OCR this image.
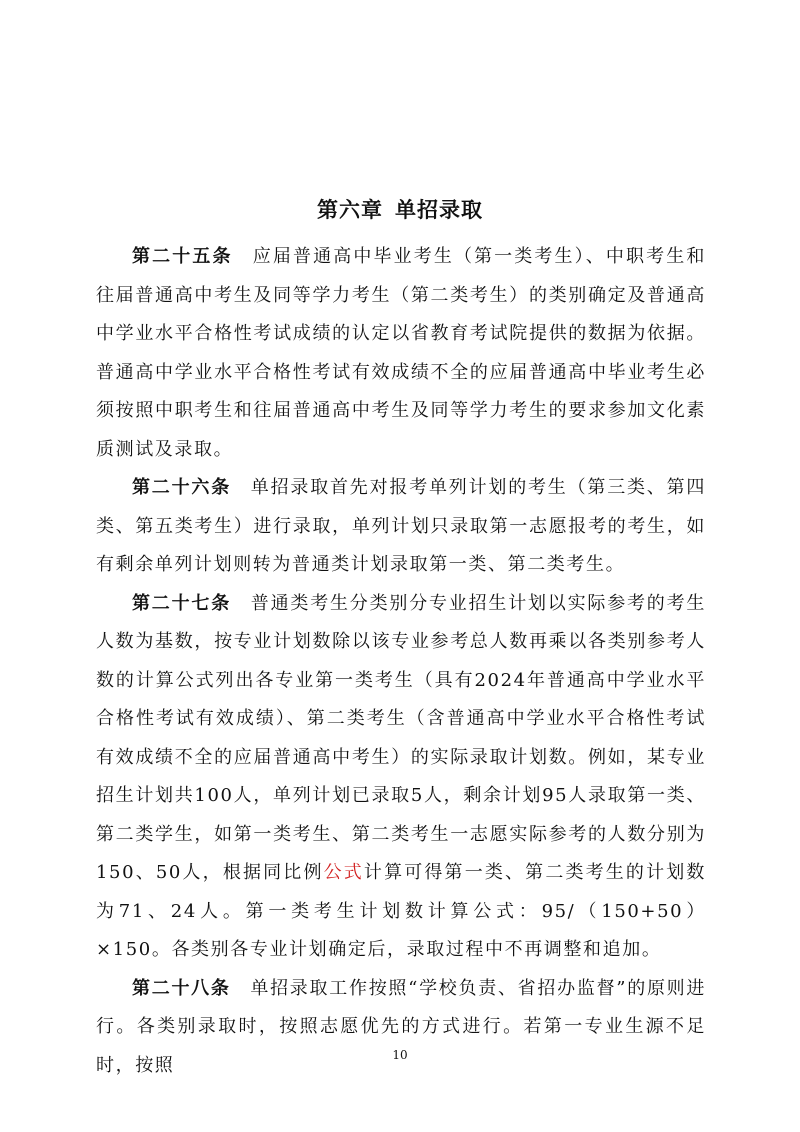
第六章 单招录取

第二十五条  应届普通高中毕业考生（第一类考生）、中职考生和往届普通高中考生及同等学力考生（第二类考生）的类别确定及普通高中学业水平合格性考试成绩的认定以省教育考试院提供的数据为依据。普通高中学业水平合格性考试有效成绩不全的应届普通高中毕业考生必须按照中职考生和往届普通高中考生及同等学力考生的要求参加文化素质测试及录取。

第二十六条  单招录取首先对报考单列计划的考生（第三类、第四类、第五类考生）进行录取，单列计划只录取第一志愿报考的考生，如有剩余单列计划则转为普通类计划录取第一类、第二类考生。

第二十七条  普通类考生分类别分专业招生计划以实际参考的考生人数为基数，按专业计划数除以该专业参考总人数再乘以各类别参考人数的计算公式列出各专业第一类考生（具有2024年普通高中学业水平合格性考试有效成绩）、第二类考生（含普通高中学业水平合格性考试有效成绩不全的应届普通高中考生）的实际录取计划数。例如，某专业招生计划共100人，单列计划已录取5人，剩余计划95人录取第一类、第二类学生，如第一类考生、第二类考生一志愿实际参考的人数分别为150、50人，根据同比例公式计算可得第一类、第二类考生的计划数为71、24人。第一类考生计划数计算公式：95/（150+50）×150。各类别各专业计划确定后，录取过程中不再调整和追加。

第二十八条  单招录取工作按照“学校负责、省招办监督”的原则进行。各类别录取时，按照志愿优先的方式进行。若第一专业生源不足时，按照	10
